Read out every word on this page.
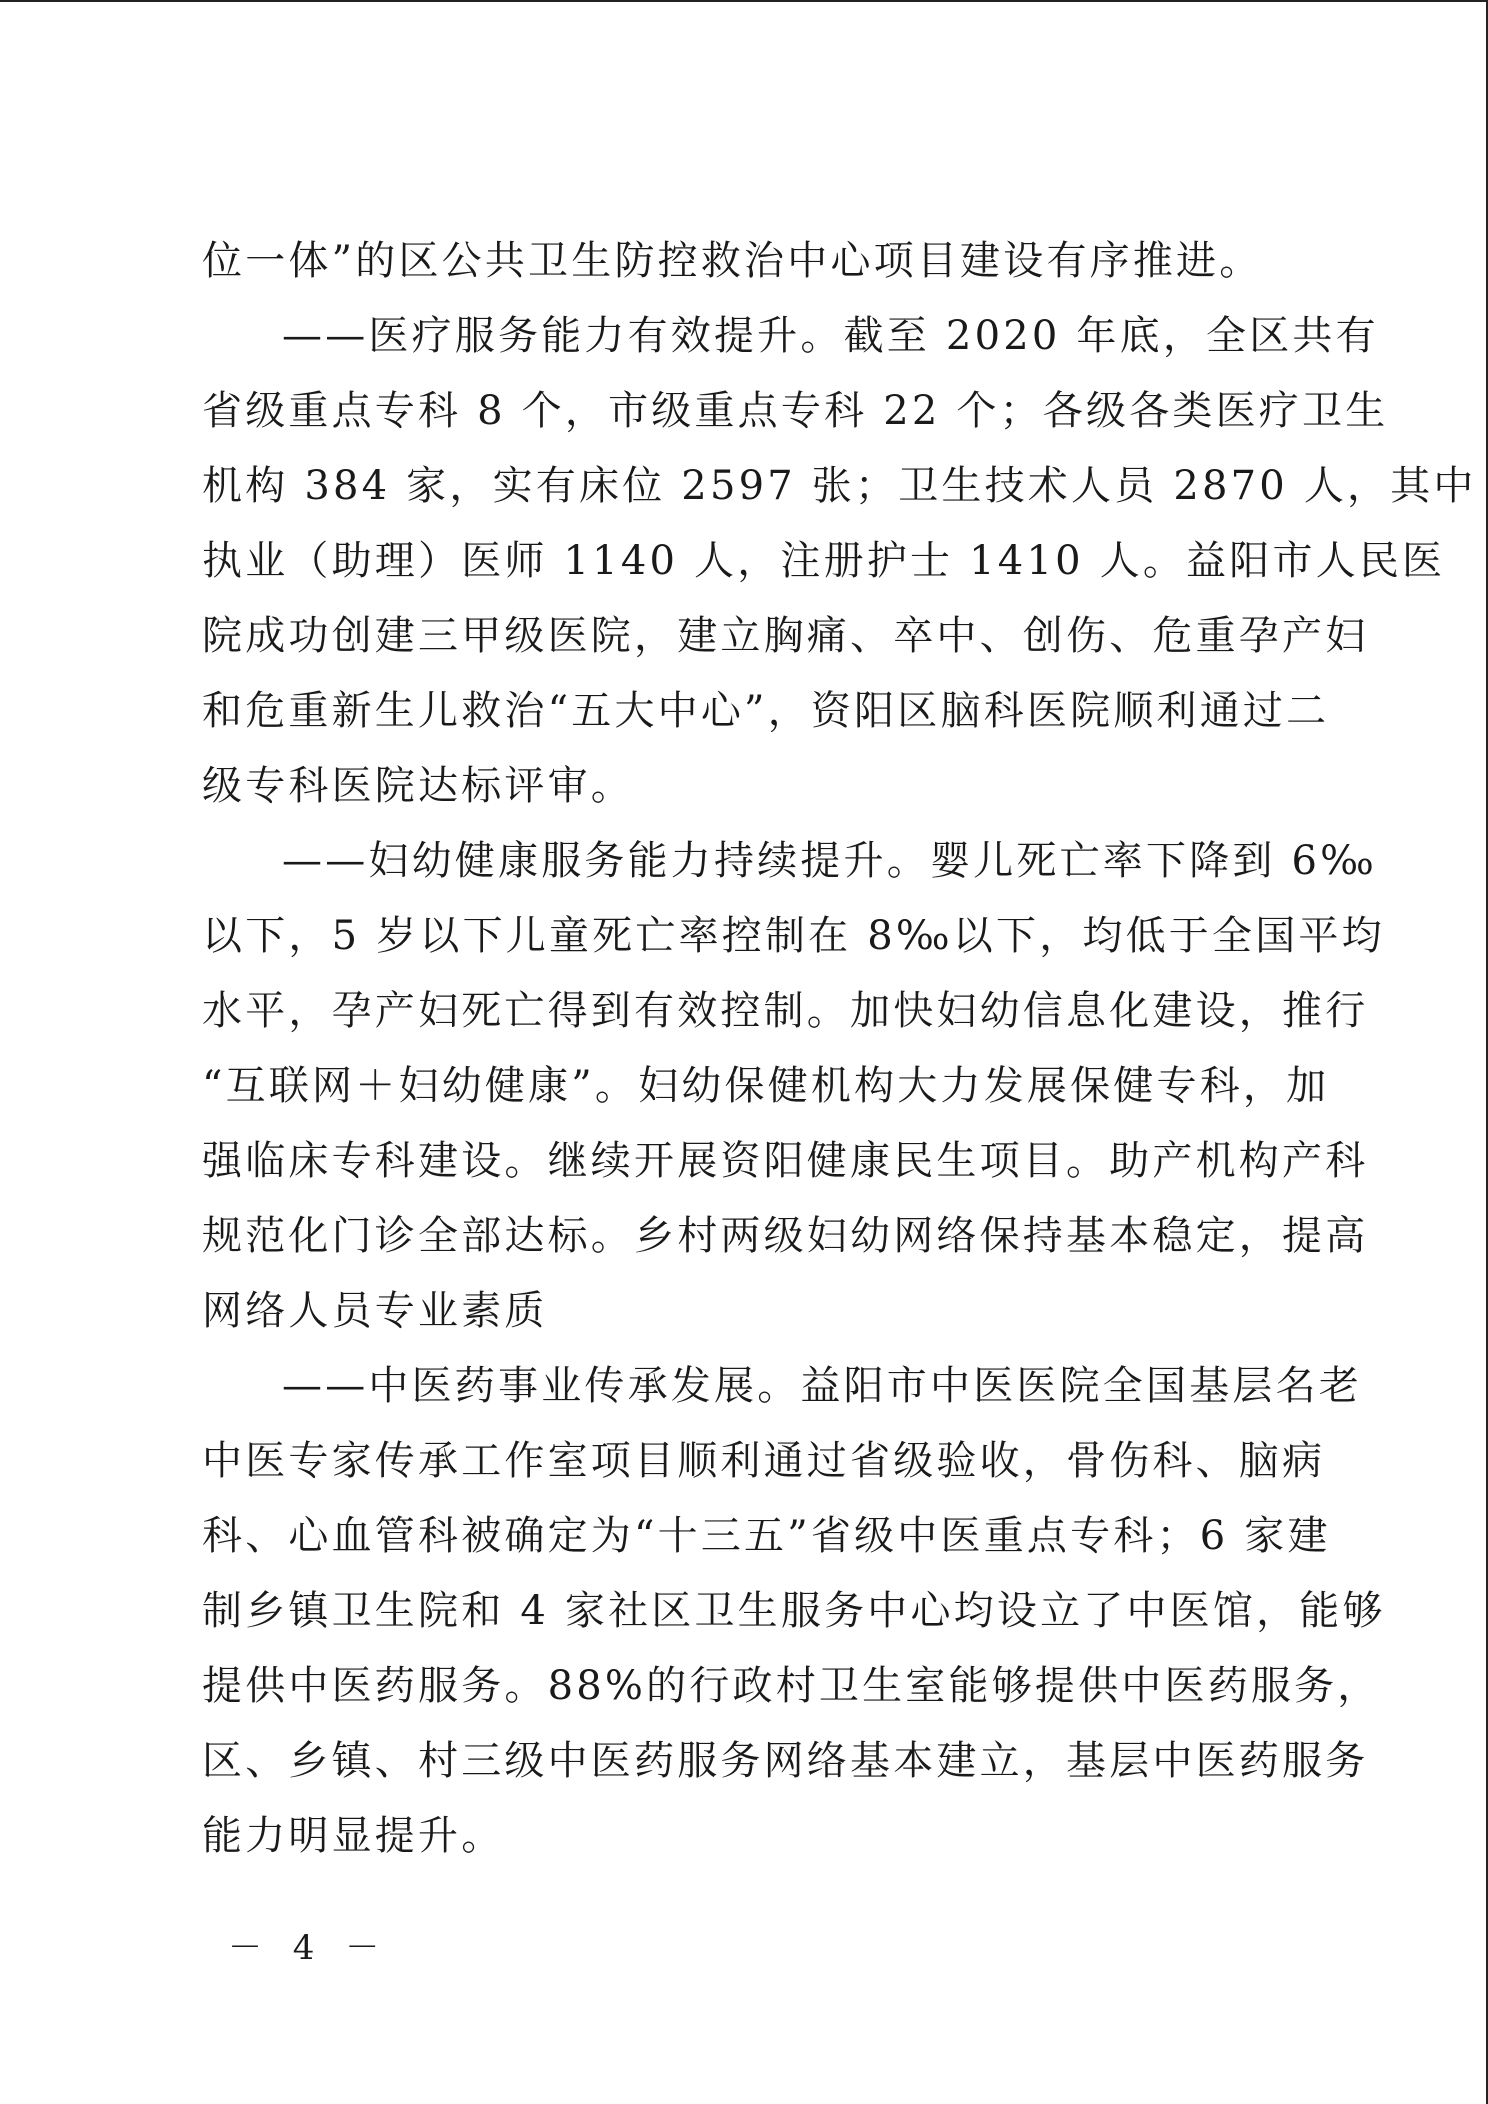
位一体”的区公共卫生防控救治中心项目建设有序推进。
——医疗服务能力有效提升。截至 2020 年底，全区共有
省级重点专科 8 个，市级重点专科 22 个；各级各类医疗卫生
机构 384 家，实有床位 2597 张；卫生技术人员 2870 人，其中
执业（助理）医师 1140 人，注册护士 1410 人。益阳市人民医
院成功创建三甲级医院，建立胸痛、卒中、创伤、危重孕产妇
和危重新生儿救治“五大中心”，资阳区脑科医院顺利通过二
级专科医院达标评审。
——妇幼健康服务能力持续提升。婴儿死亡率下降到 6‰
以下，5 岁以下儿童死亡率控制在 8‰以下，均低于全国平均
水平，孕产妇死亡得到有效控制。加快妇幼信息化建设，推行
“互联网＋妇幼健康”。妇幼保健机构大力发展保健专科，加
强临床专科建设。继续开展资阳健康民生项目。助产机构产科
规范化门诊全部达标。乡村两级妇幼网络保持基本稳定，提高
网络人员专业素质
——中医药事业传承发展。益阳市中医医院全国基层名老
中医专家传承工作室项目顺利通过省级验收，骨伤科、脑病
科、心血管科被确定为“十三五”省级中医重点专科；6 家建
制乡镇卫生院和 4 家社区卫生服务中心均设立了中医馆，能够
提供中医药服务。88%的行政村卫生室能够提供中医药服务，
区、乡镇、村三级中医药服务网络基本建立，基层中医药服务
能力明显提升。
－ 4 －
